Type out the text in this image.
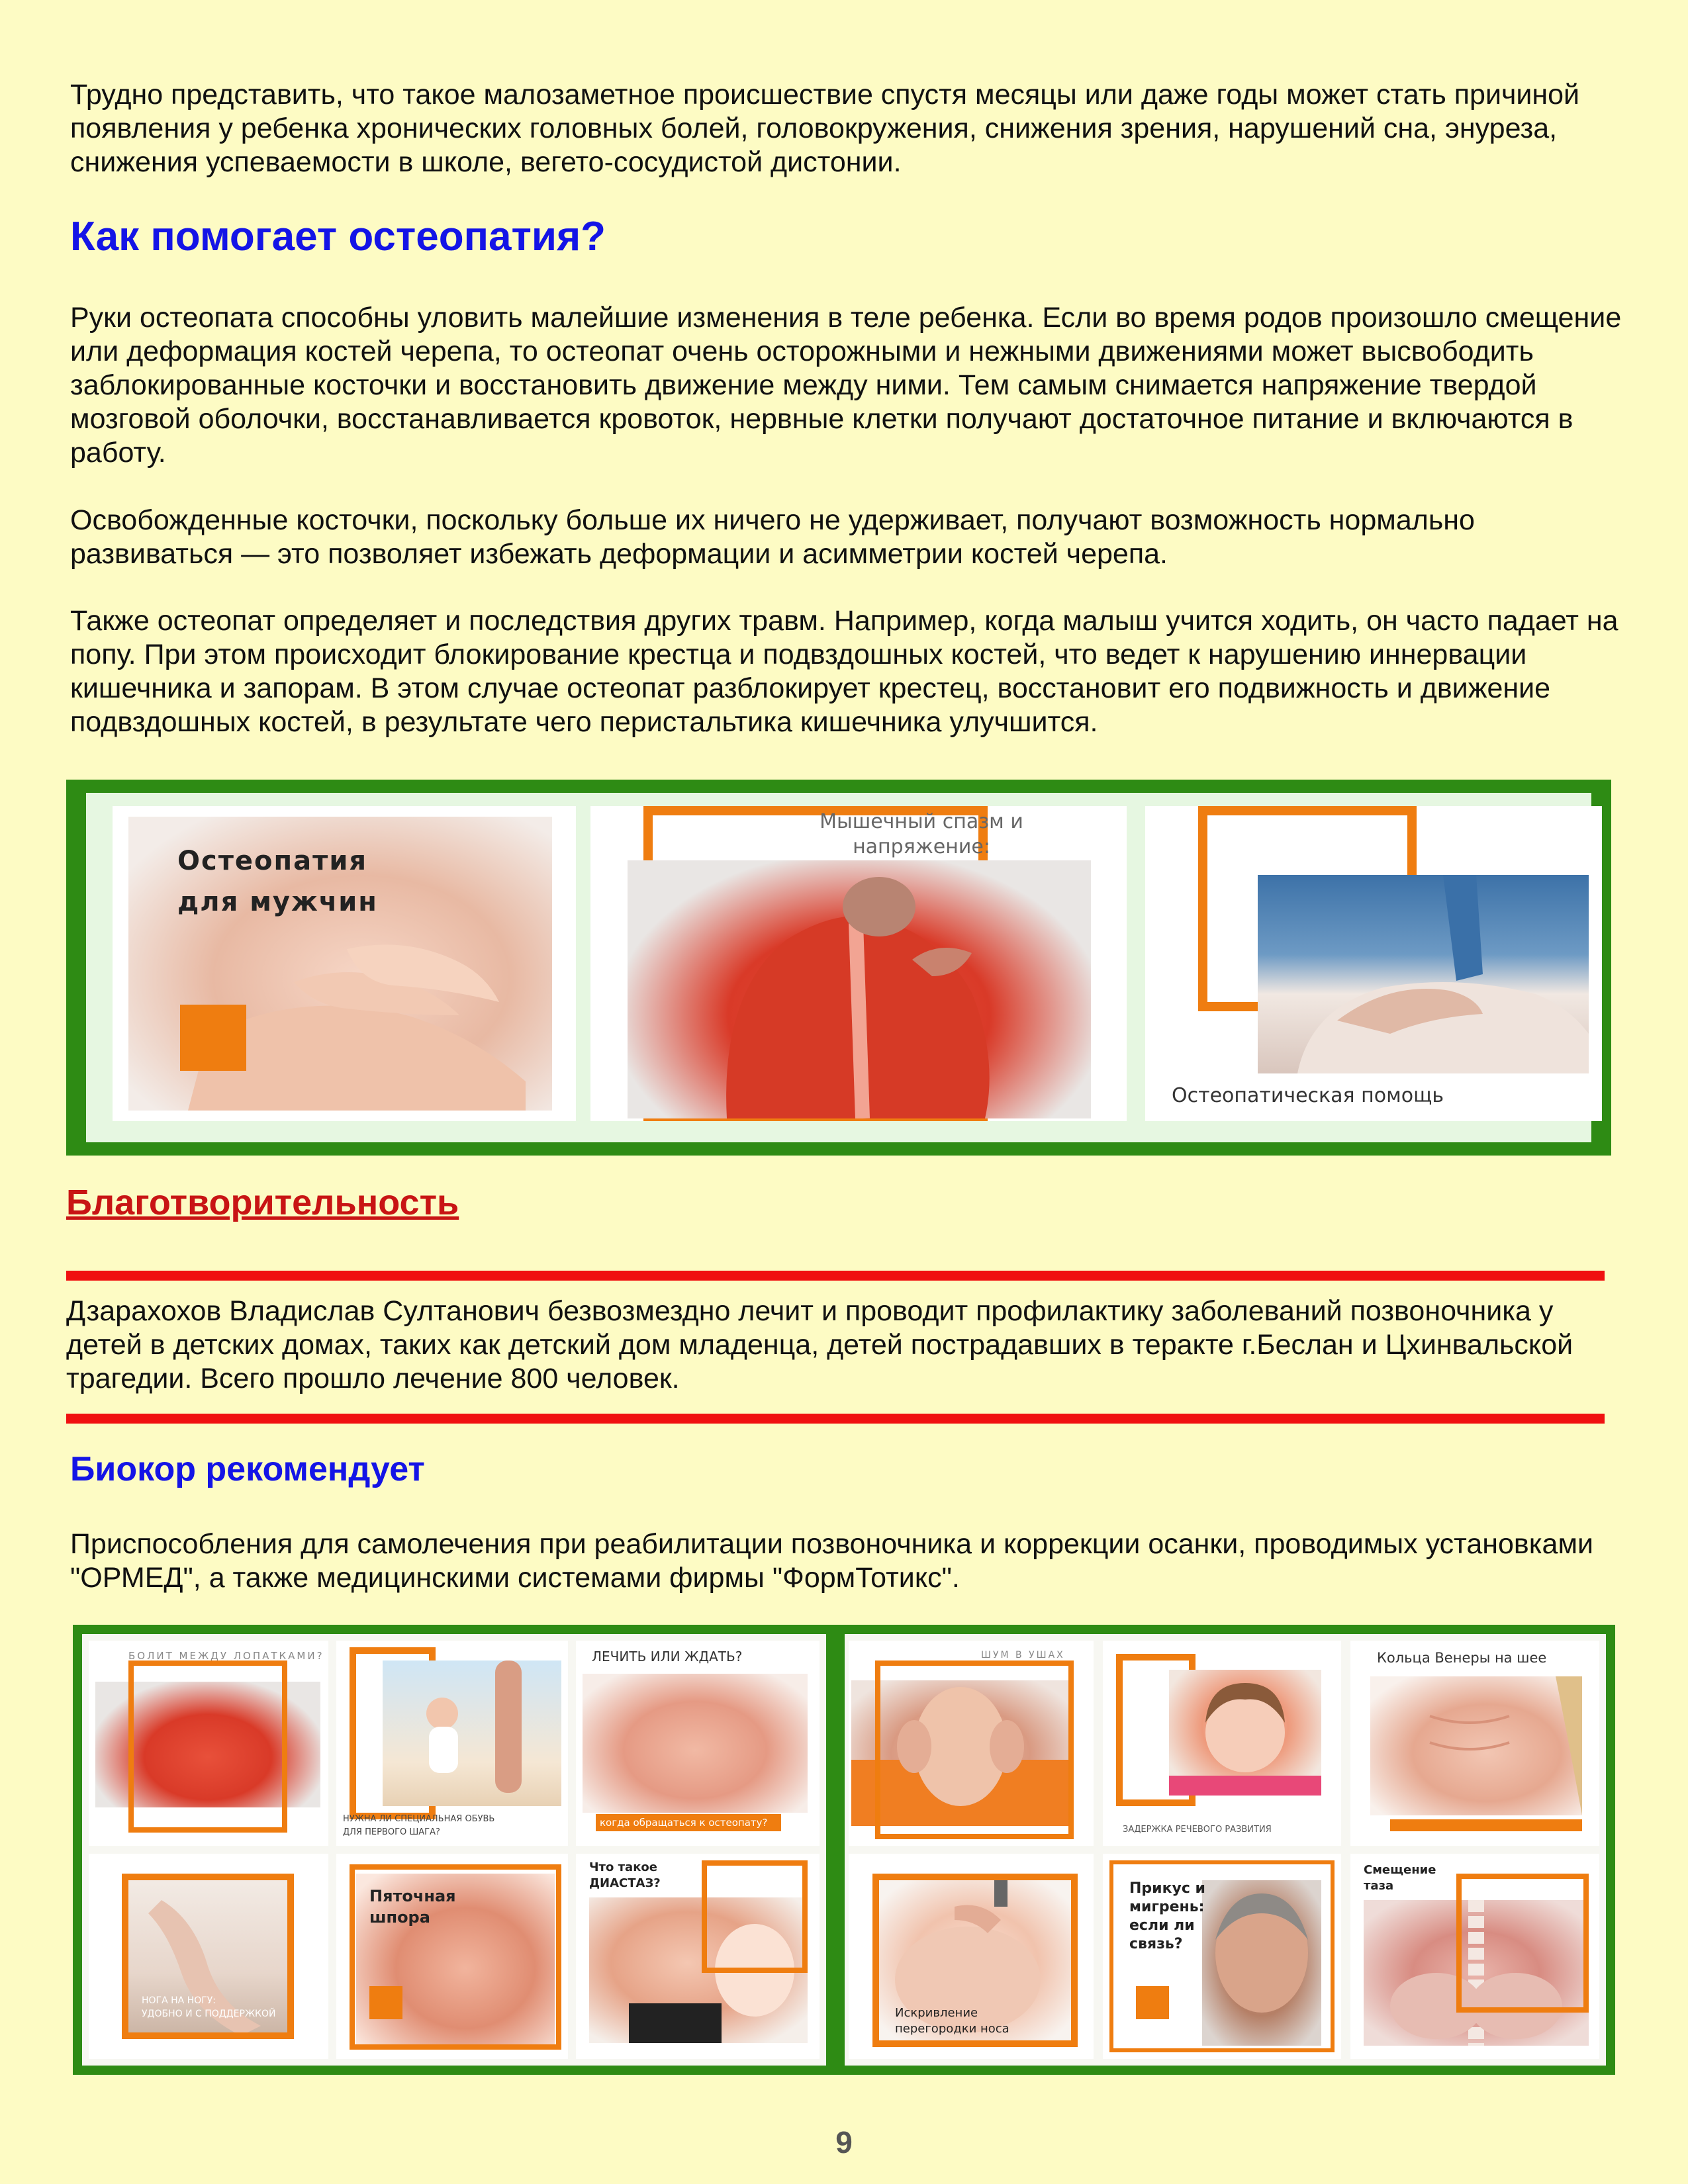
Трудно представить, что такое малозаметное происшествие спустя месяцы или даже годы может стать причиной появления у ребенка хронических головных болей, головокружения, снижения зрения, нарушений сна, энуреза, снижения успеваемости в школе, вегето-сосудистой дистонии.

Как помогает остеопатия?

Руки остеопата способны уловить малейшие изменения в теле ребенка. Если во время родов произошло смещение или деформация костей черепа, то остеопат очень осторожными и нежными движениями может высвободить заблокированные косточки и восстановить движение между ними. Тем самым снимается напряжение твердой мозговой оболочки, восстанавливается кровоток, нервные клетки получают достаточное питание и включаются в работу.

Освобожденные косточки, поскольку больше их ничего не удерживает, получают возможность нормально развиваться — это позволяет избежать деформации и асимметрии костей черепа.

Также остеопат определяет и последствия других травм. Например, когда малыш учится ходить, он часто падает на попу. При этом происходит блокирование крестца и подвздошных костей, что ведет к нарушению иннервации кишечника и запорам. В этом случае остеопат разблокирует крестец, восстановит его подвижность и движение подвздошных костей, в результате чего перистальтика кишечника улучшится.

Остеопатия
для мужчин
Мышечный спазм и
напряжение:
Остеопатическая помощь
Благотворительность

Дзарахохов Владислав Султанович безвозмездно лечит и проводит профилактику заболеваний позвоночника у детей в детских домах, таких как детский дом младенца, детей пострадавших в теракте г.Беслан и Цхинвальской трагедии. Всего прошло лечение 800 человек.

Биокор рекомендует

Приспособления для самолечения при реабилитации позвоночника и коррекции осанки, проводимых установками "ОРМЕД", а также медицинскими системами фирмы "ФормТотикс".

БОЛИТ МЕЖДУ ЛОПАТКАМИ?
НУЖНА ЛИ СПЕЦИАЛЬНАЯ ОБУВЬ
ДЛЯ ПЕРВОГО ШАГА?
ЛЕЧИТЬ ИЛИ ЖДАТЬ?
когда обращаться к остеопату?
НОГА НА НОГУ:
УДОБНО И С ПОДДЕРЖКОЙ
Пяточная
шпора
Что такое
ДИАСТАЗ?
ШУМ В УШАХ
ЗАДЕРЖКА РЕЧЕВОГО РАЗВИТИЯ
Кольца Венеры на шее
Искривление
перегородки носа
Прикус и
мигрень:
если ли
связь?
Смещение
таза
9
